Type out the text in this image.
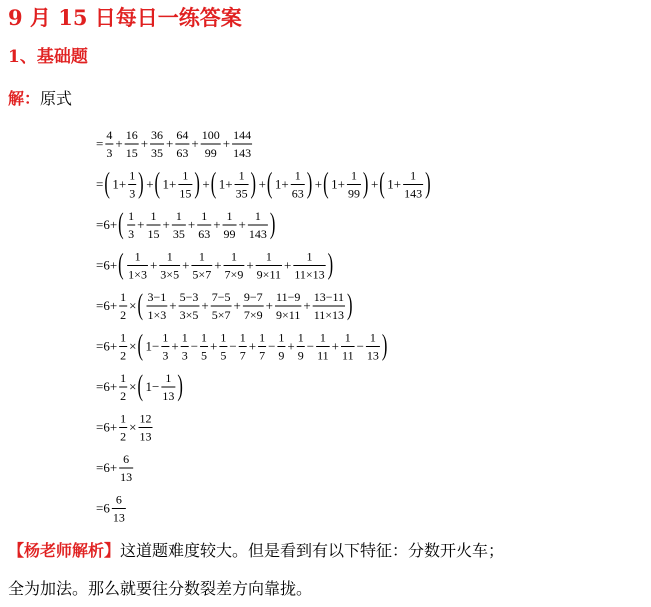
9 月 15 日每日一练答案
1、基础题
解：原式
=
4
3
+
16
15
+
36
35
+
64
63
+
100
99
+
144
143
= ( 1+
1
3 ) + ( 1+
1
15 ) + ( 1+
1
35 ) + ( 1+
1
63 ) + ( 1+
1
99 ) + ( 1+
1
143 )
=6+ ( 1
3
+
1
15
+
1
35
+
1
63
+
1
99
+
1
143 )
=6+ ( 1
1×3
+
1
3×5
+
1
5×7
+
1
7×9
+
1
9×11
+
1
11×13 )
=6+
1
2
× ( 3−1
1×3
+
5−3
3×5
+
7−5
5×7
+
9−7
7×9
+
11−9
9×11
+
13−11
11×13 )
=6+
1
2
× ( 1−
1
3
+
1
3
−
1
5
+
1
5
−
1
7
+
1
7
−
1
9
+
1
9
−
1
11
+
1
11
−
1
13 )
=6+
1
2
× ( 1−
1
13 )
=6+
1
2
×
12
13
=6+
6
13
=6
6
13
【杨老师解析】这道题难度较大。但是看到有以下特征：分数开火车；
全为加法。那么就要往分数裂差方向靠拢。
